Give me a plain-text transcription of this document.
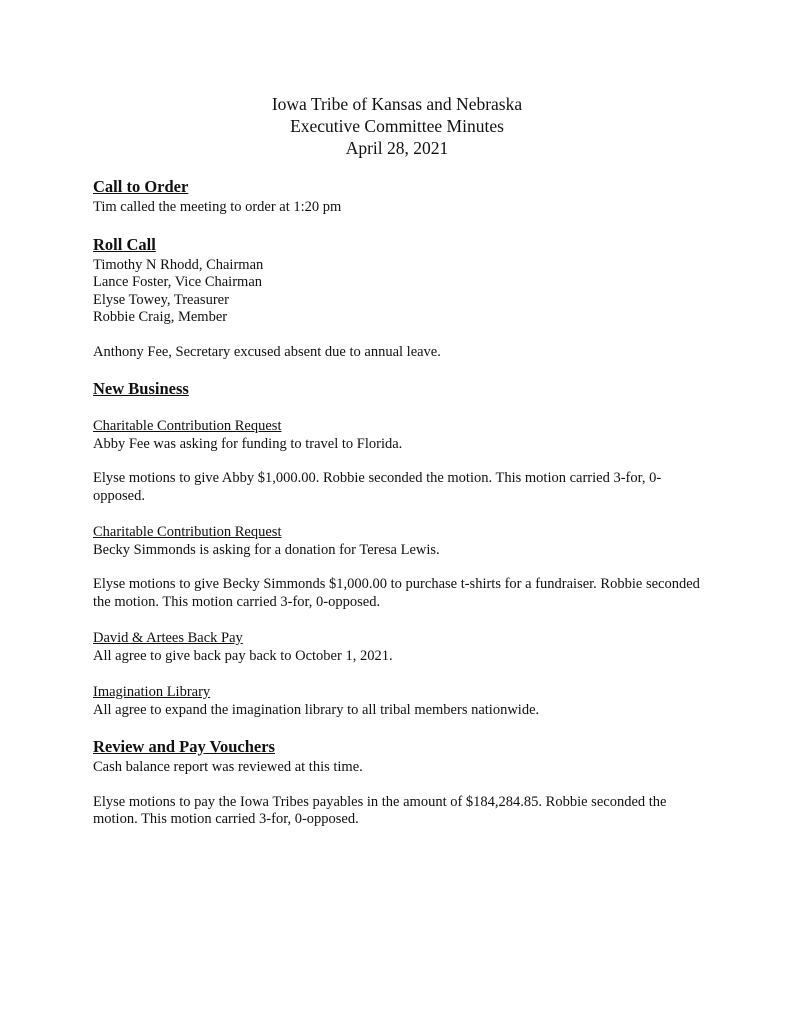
Iowa Tribe of Kansas and Nebraska

Executive Committee Minutes

April 28, 2021

Call to Order

Tim called the meeting to order at 1:20 pm

Roll Call

Timothy N Rhodd, Chairman

Lance Foster, Vice Chairman

Elyse Towey, Treasurer

Robbie Craig, Member

Anthony Fee, Secretary excused absent due to annual leave.

New Business

Charitable Contribution Request

Abby Fee was asking for funding to travel to Florida.

Elyse motions to give Abby $1,000.00. Robbie seconded the motion. This motion carried 3-for, 0-opposed.

Charitable Contribution Request

Becky Simmonds is asking for a donation for Teresa Lewis.

Elyse motions to give Becky Simmonds $1,000.00 to purchase t-shirts for a fundraiser. Robbie seconded the motion. This motion carried 3-for, 0-opposed.

David & Artees Back Pay

All agree to give back pay back to October 1, 2021.

Imagination Library

All agree to expand the imagination library to all tribal members nationwide.

Review and Pay Vouchers

Cash balance report was reviewed at this time.

Elyse motions to pay the Iowa Tribes payables in the amount of $184,284.85. Robbie seconded the motion. This motion carried 3-for, 0-opposed.
